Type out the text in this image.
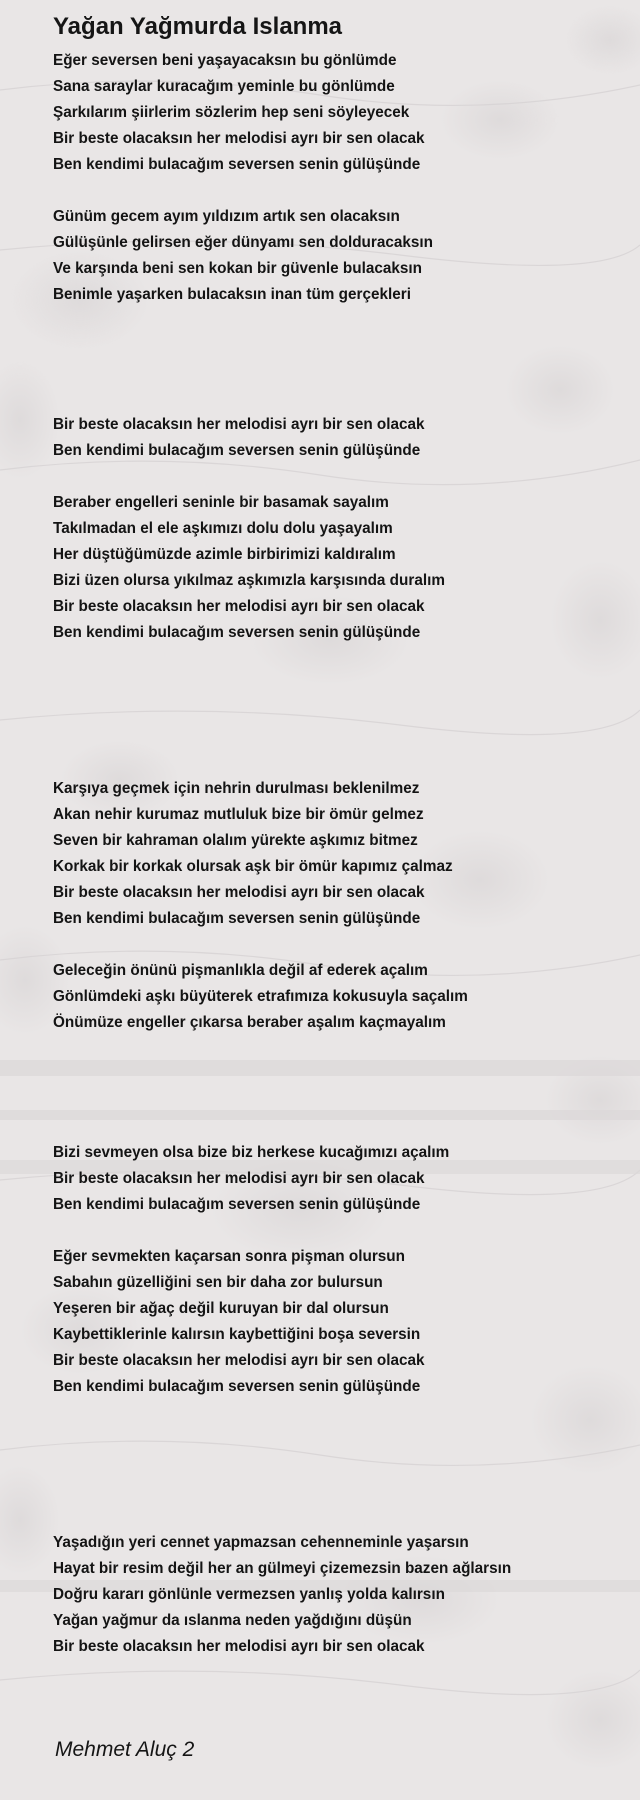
Yağan Yağmurda Islanma
Eğer seversen beni yaşayacaksın bu gönlümde
Sana saraylar kuracağım yeminle bu gönlümde
Şarkılarım şiirlerim sözlerim hep seni söyleyecek
Bir beste olacaksın her melodisi ayrı bir sen olacak
Ben kendimi bulacağım seversen senin gülüşünde
Günüm gecem ayım yıldızım artık sen olacaksın
Gülüşünle gelirsen eğer dünyamı sen dolduracaksın
Ve karşında beni sen kokan bir güvenle bulacaksın
Benimle yaşarken bulacaksın inan tüm gerçekleri
Bir beste olacaksın her melodisi ayrı bir sen olacak
Ben kendimi bulacağım seversen senin gülüşünde
Beraber engelleri seninle bir basamak sayalım
Takılmadan el ele aşkımızı dolu dolu yaşayalım
Her düştüğümüzde azimle birbirimizi kaldıralım
Bizi üzen olursa yıkılmaz aşkımızla karşısında duralım
Bir beste olacaksın her melodisi ayrı bir sen olacak
Ben kendimi bulacağım seversen senin gülüşünde
Karşıya geçmek için nehrin durulması beklenilmez
Akan nehir kurumaz mutluluk bize bir ömür gelmez
Seven bir kahraman olalım yürekte aşkımız bitmez
Korkak bir korkak olursak aşk bir ömür kapımız çalmaz
Bir beste olacaksın her melodisi ayrı bir sen olacak
Ben kendimi bulacağım seversen senin gülüşünde
Geleceğin önünü pişmanlıkla değil af ederek açalım
Gönlümdeki aşkı büyüterek etrafımıza kokusuyla saçalım
Önümüze engeller çıkarsa beraber aşalım kaçmayalım
Bizi sevmeyen olsa bize biz herkese kucağımızı açalım
Bir beste olacaksın her melodisi ayrı bir sen olacak
Ben kendimi bulacağım seversen senin gülüşünde
Eğer sevmekten kaçarsan sonra pişman olursun
Sabahın güzelliğini sen bir daha zor bulursun
Yeşeren bir ağaç değil kuruyan bir dal olursun
Kaybettiklerinle kalırsın kaybettiğini boşa seversin
Bir beste olacaksın her melodisi ayrı bir sen olacak
Ben kendimi bulacağım seversen senin gülüşünde
Yaşadığın yeri cennet yapmazsan cehenneminle yaşarsın
Hayat bir resim değil her an gülmeyi çizemezsin bazen ağlarsın
Doğru kararı gönlünle vermezsen yanlış yolda kalırsın
Yağan yağmur da ıslanma neden yağdığını düşün
Bir beste olacaksın her melodisi ayrı bir sen olacak
Mehmet Aluç 2
